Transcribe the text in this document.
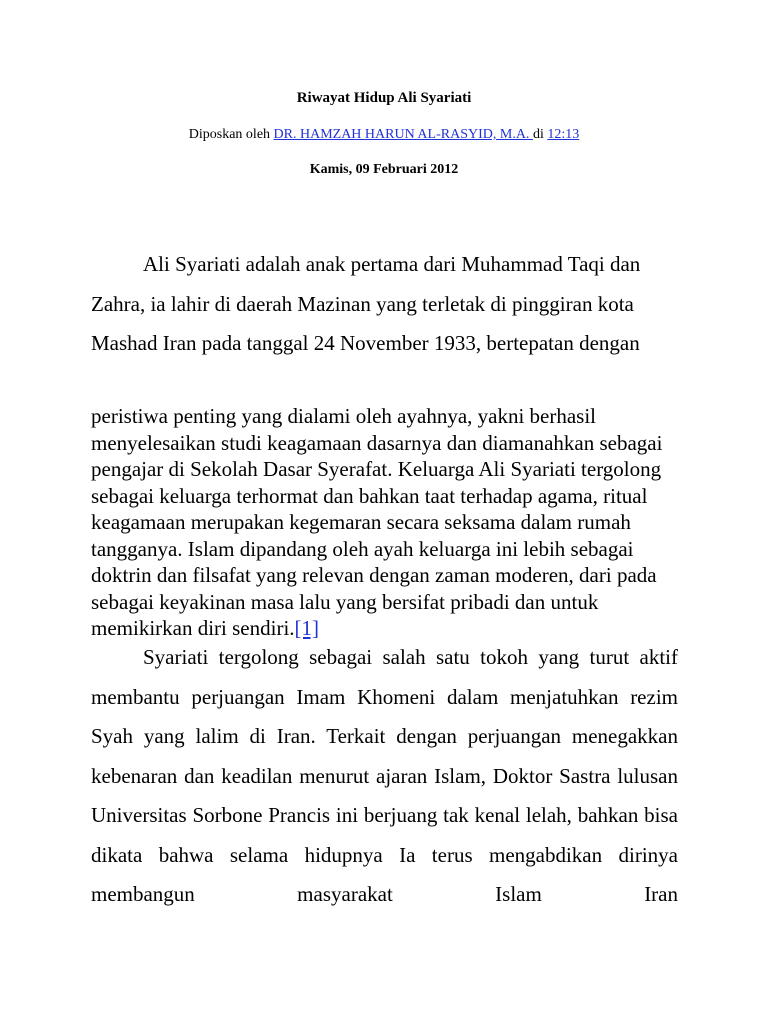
Riwayat Hidup Ali Syariati
Diposkan oleh DR. HAMZAH HARUN AL-RASYID, M.A. di 12:13
Kamis, 09 Februari 2012

Ali Syariati adalah anak pertama dari Muhammad Taqi dan Zahra, ia lahir di daerah Mazinan yang terletak di pinggiran kota Mashad Iran pada tanggal 24 November 1933, bertepatan dengan

peristiwa penting yang dialami oleh ayahnya, yakni berhasil menyelesaikan studi keagamaan dasarnya dan diamanahkan sebagai pengajar di Sekolah Dasar Syerafat. Keluarga Ali Syariati tergolong sebagai keluarga terhormat dan bahkan taat terhadap agama, ritual keagamaan merupakan kegemaran secara seksama dalam rumah tangganya. Islam dipandang oleh ayah keluarga ini lebih sebagai doktrin dan filsafat yang relevan dengan zaman moderen, dari pada sebagai keyakinan masa lalu yang bersifat pribadi dan untuk memikirkan diri sendiri.[1]

Syariati tergolong sebagai salah satu tokoh yang turut aktif membantu perjuangan Imam Khomeni dalam menjatuhkan rezim Syah yang lalim di Iran. Terkait dengan perjuangan menegakkan kebenaran dan keadilan menurut ajaran Islam, Doktor Sastra lulusan Universitas Sorbone Prancis ini berjuang tak kenal lelah, bahkan bisa dikata bahwa selama hidupnya Ia terus mengabdikan dirinya membangun masyarakat Islam Iran
